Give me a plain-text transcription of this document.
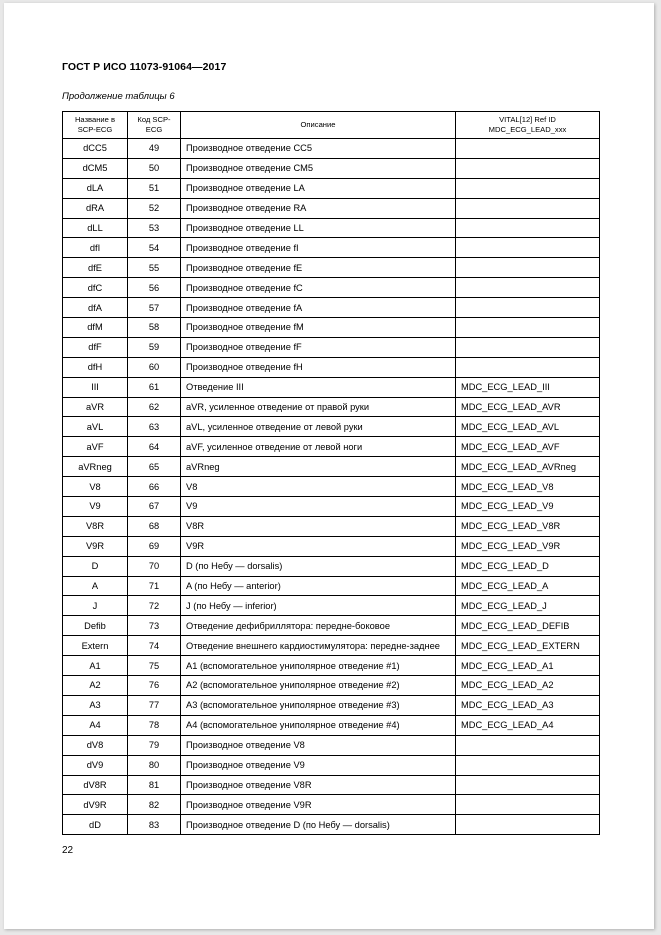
ГОСТ Р ИСО 11073-91064—2017
Продолжение таблицы 6
Название в SCP-ECG	Код SCP-ECG	Описание	VITAL[12] Ref ID MDC_ECG_LEAD_xxx
dCC5	49	Производное отведение CC5	
dCM5	50	Производное отведение CM5	
dLA	51	Производное отведение LA	
dRA	52	Производное отведение RA	
dLL	53	Производное отведение LL	
dfI	54	Производное отведение fI	
dfE	55	Производное отведение fE	
dfC	56	Производное отведение fC	
dfA	57	Производное отведение fA	
dfM	58	Производное отведение fM	
dfF	59	Производное отведение fF	
dfH	60	Производное отведение fH	
III	61	Отведение III	MDC_ECG_LEAD_III
aVR	62	aVR, усиленное отведение от правой руки	MDC_ECG_LEAD_AVR
aVL	63	aVL, усиленное отведение от левой руки	MDC_ECG_LEAD_AVL
aVF	64	aVF, усиленное отведение от левой ноги	MDC_ECG_LEAD_AVF
aVRneg	65	aVRneg	MDC_ECG_LEAD_AVRneg
V8	66	V8	MDC_ECG_LEAD_V8
V9	67	V9	MDC_ECG_LEAD_V9
V8R	68	V8R	MDC_ECG_LEAD_V8R
V9R	69	V9R	MDC_ECG_LEAD_V9R
D	70	D (по Небу — dorsalis)	MDC_ECG_LEAD_D
A	71	A (по Небу — anterior)	MDC_ECG_LEAD_A
J	72	J (по Небу — inferior)	MDC_ECG_LEAD_J
Defib	73	Отведение дефибриллятора: передне-боковое	MDC_ECG_LEAD_DEFIB
Extern	74	Отведение внешнего кардиостимулятора: передне-заднее	MDC_ECG_LEAD_EXTERN
A1	75	A1 (вспомогательное униполярное отведение #1)	MDC_ECG_LEAD_A1
A2	76	A2 (вспомогательное униполярное отведение #2)	MDC_ECG_LEAD_A2
A3	77	A3 (вспомогательное униполярное отведение #3)	MDC_ECG_LEAD_A3
A4	78	A4 (вспомогательное униполярное отведение #4)	MDC_ECG_LEAD_A4
dV8	79	Производное отведение V8	
dV9	80	Производное отведение V9	
dV8R	81	Производное отведение V8R	
dV9R	82	Производное отведение V9R	
dD	83	Производное отведение D (по Небу — dorsalis)	
22
